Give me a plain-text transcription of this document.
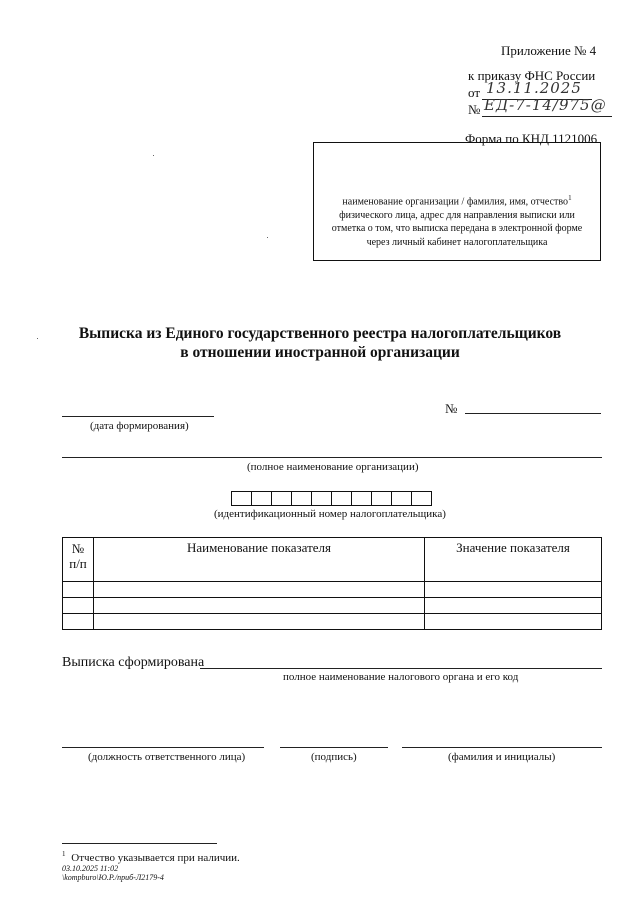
Приложение № 4
к приказу ФНС России
от 13.11.2025
№ ЕД-7-14/975@
Форма по КНД 1121006
наименование организации / фамилия, имя, отчество$^1$
физического лица, адрес для направления выписки или
отметка о том, что выписка передана в электронной форме
через личный кабинет налогоплательщика
Выписка из Единого государственного реестра налогоплательщиков
в отношении иностранной организации
(дата формирования)
№
(полное наименование организации)
(идентификационный номер налогоплательщика)
№
п/п	Наименование показателя	Значение показателя

Выписка сформирована
полное наименование налогового органа и его код
(должность ответственного лица)	(подпись)	(фамилия и инициалы)
$^1$ Отчество указывается при наличии.
03.10.2025 11:02
\kompburo\Ю.Р./приб-Л2179-4
